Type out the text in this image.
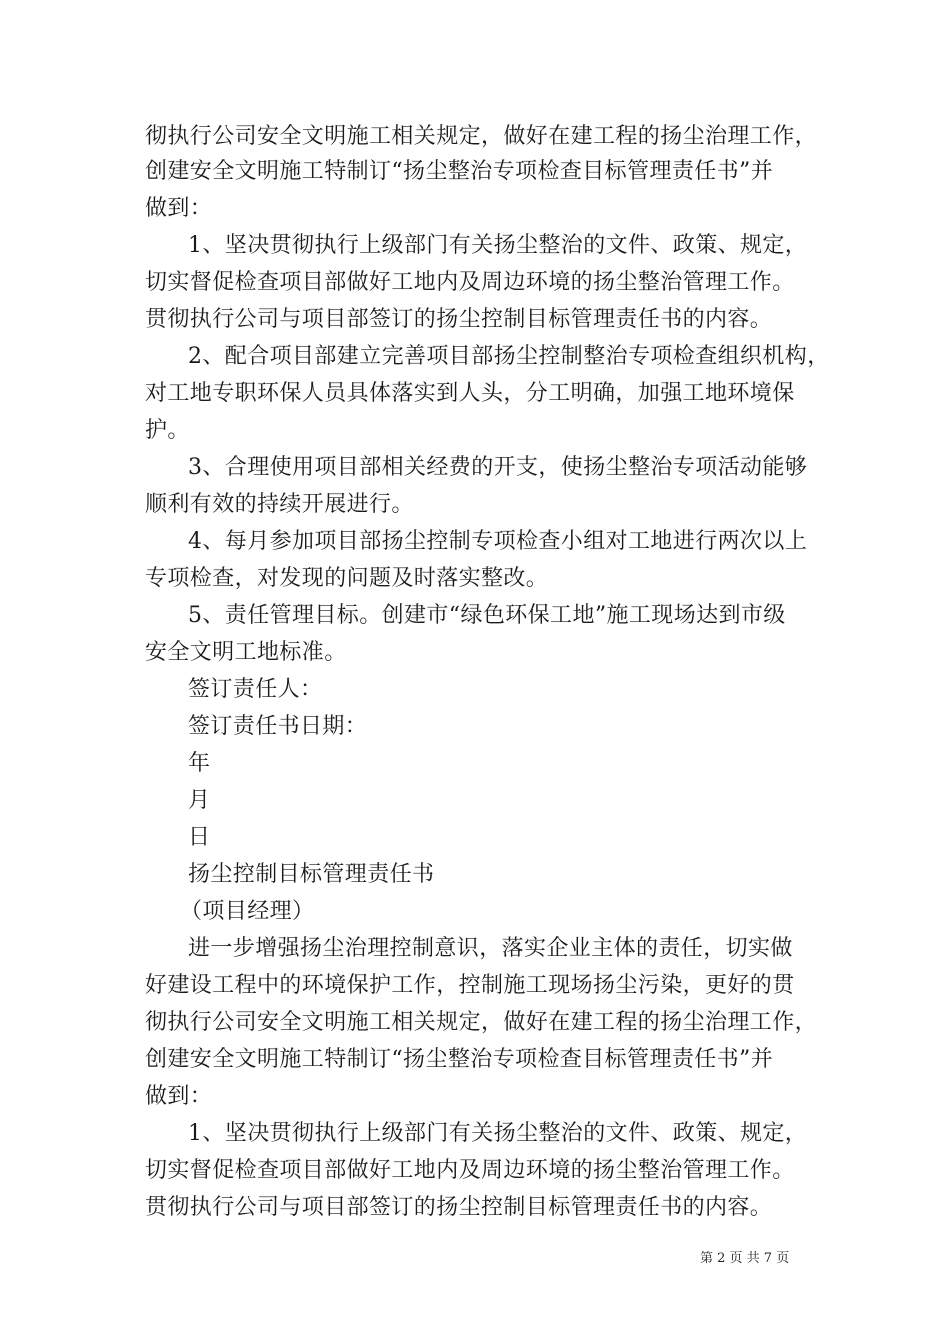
彻执行公司安全文明施工相关规定，做好在建工程的扬尘治理工作，
创建安全文明施工特制订“扬尘整治专项检查目标管理责任书”并
做到：
1、坚决贯彻执行上级部门有关扬尘整治的文件、政策、规定，
切实督促检查项目部做好工地内及周边环境的扬尘整治管理工作。
贯彻执行公司与项目部签订的扬尘控制目标管理责任书的内容。
2、配合项目部建立完善项目部扬尘控制整治专项检查组织机构，
对工地专职环保人员具体落实到人头，分工明确，加强工地环境保
护。
3、合理使用项目部相关经费的开支，使扬尘整治专项活动能够
顺利有效的持续开展进行。
4、每月参加项目部扬尘控制专项检查小组对工地进行两次以上
专项检查，对发现的问题及时落实整改。
5、责任管理目标。创建市“绿色环保工地”施工现场达到市级
安全文明工地标准。
签订责任人：
签订责任书日期：
年
月
日
扬尘控制目标管理责任书
（项目经理）
进一步增强扬尘治理控制意识，落实企业主体的责任，切实做
好建设工程中的环境保护工作，控制施工现场扬尘污染，更好的贯
彻执行公司安全文明施工相关规定，做好在建工程的扬尘治理工作，
创建安全文明施工特制订“扬尘整治专项检查目标管理责任书”并
做到：
1、坚决贯彻执行上级部门有关扬尘整治的文件、政策、规定，
切实督促检查项目部做好工地内及周边环境的扬尘整治管理工作。
贯彻执行公司与项目部签订的扬尘控制目标管理责任书的内容。
第 2 页 共 7 页
